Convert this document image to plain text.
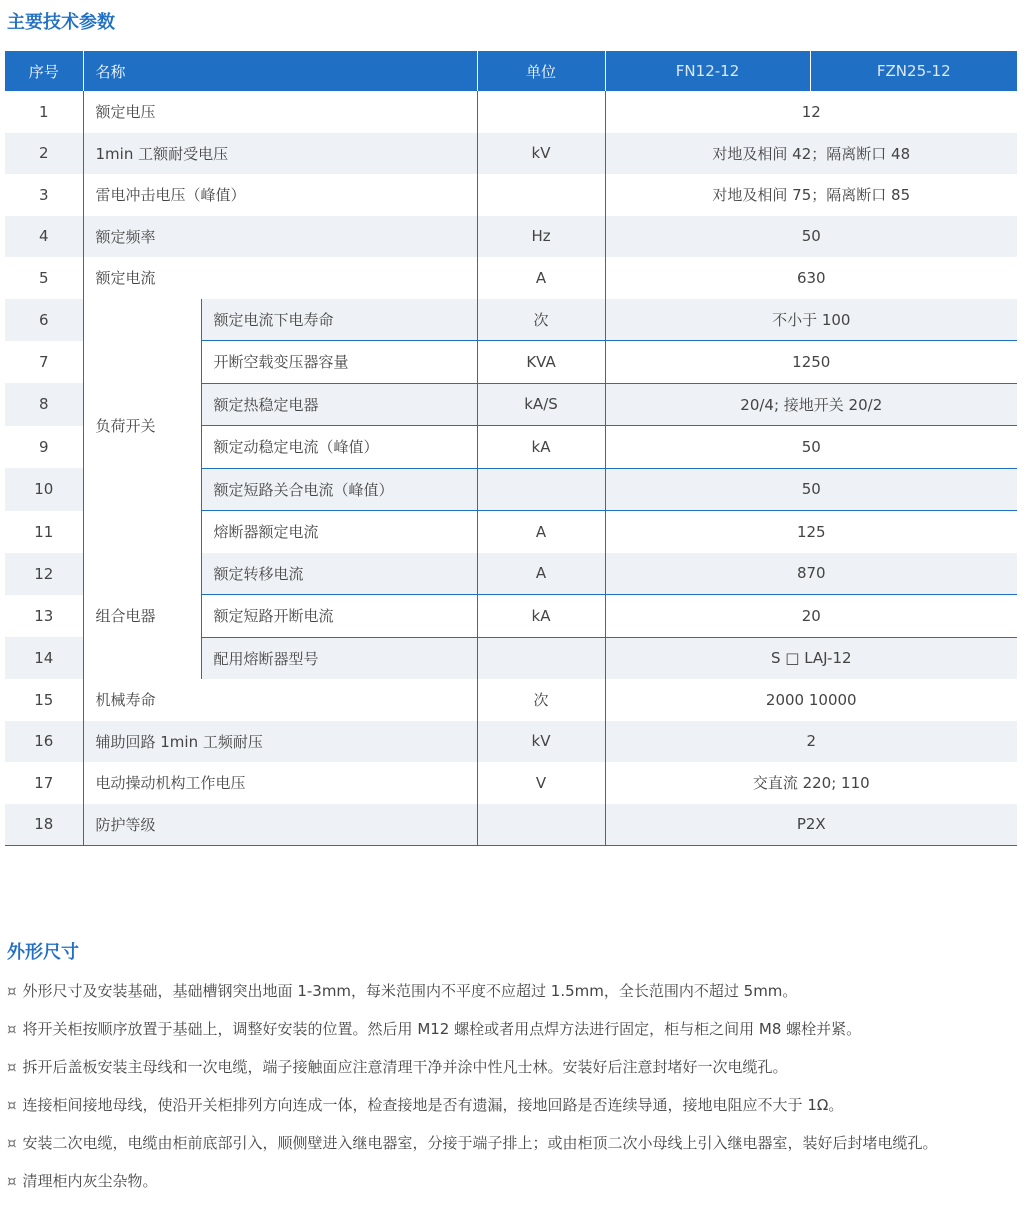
主要技术参数
序号	名称		单位	FN12-12	FZN25-12
1	额定电压			12	
2	1min 工额耐受电压		kV	对地及相间 42；隔离断口 48	
3	雷电冲击电压（峰值）			对地及相间 75；隔离断口 85	
4	额定频率		Hz	50	
5	额定电流		A	630	
6	负荷开关	额定电流下电寿命	次	不小于 100	
7		开断空载变压器容量	KVA	1250	
8		额定热稳定电器	kA/S	20/4; 接地开关 20/2	
9		额定动稳定电流（峰值）	kA	50	
10		额定短路关合电流（峰值）		50	
11		熔断器额定电流	A	125	
12	组合电器	额定转移电流	A	870	
13		额定短路开断电流	kA	20	
14		配用熔断器型号		S □ LAJ-12	
15	机械寿命		次	2000 10000	
16	辅助回路 1min 工频耐压		kV	2	
17	电动操动机构工作电压		V	交直流 220; 110	
18	防护等级			P2X	
外形尺寸
¤ 外形尺寸及安装基础，基础槽钢突出地面 1-3mm，每米范围内不平度不应超过 1.5mm，全长范围内不超过 5mm。
¤ 将开关柜按顺序放置于基础上，调整好安装的位置。然后用 M12 螺栓或者用点焊方法进行固定，柜与柜之间用 M8 螺栓并紧。
¤ 拆开后盖板安装主母线和一次电缆，端子接触面应注意清理干净并涂中性凡士林。安装好后注意封堵好一次电缆孔。
¤ 连接柜间接地母线，使沿开关柜排列方向连成一体，检查接地是否有遗漏，接地回路是否连续导通，接地电阻应不大于 1Ω。
¤ 安装二次电缆，电缆由柜前底部引入，顺侧壁进入继电器室，分接于端子排上；或由柜顶二次小母线上引入继电器室，装好后封堵电缆孔。
¤ 清理柜内灰尘杂物。
